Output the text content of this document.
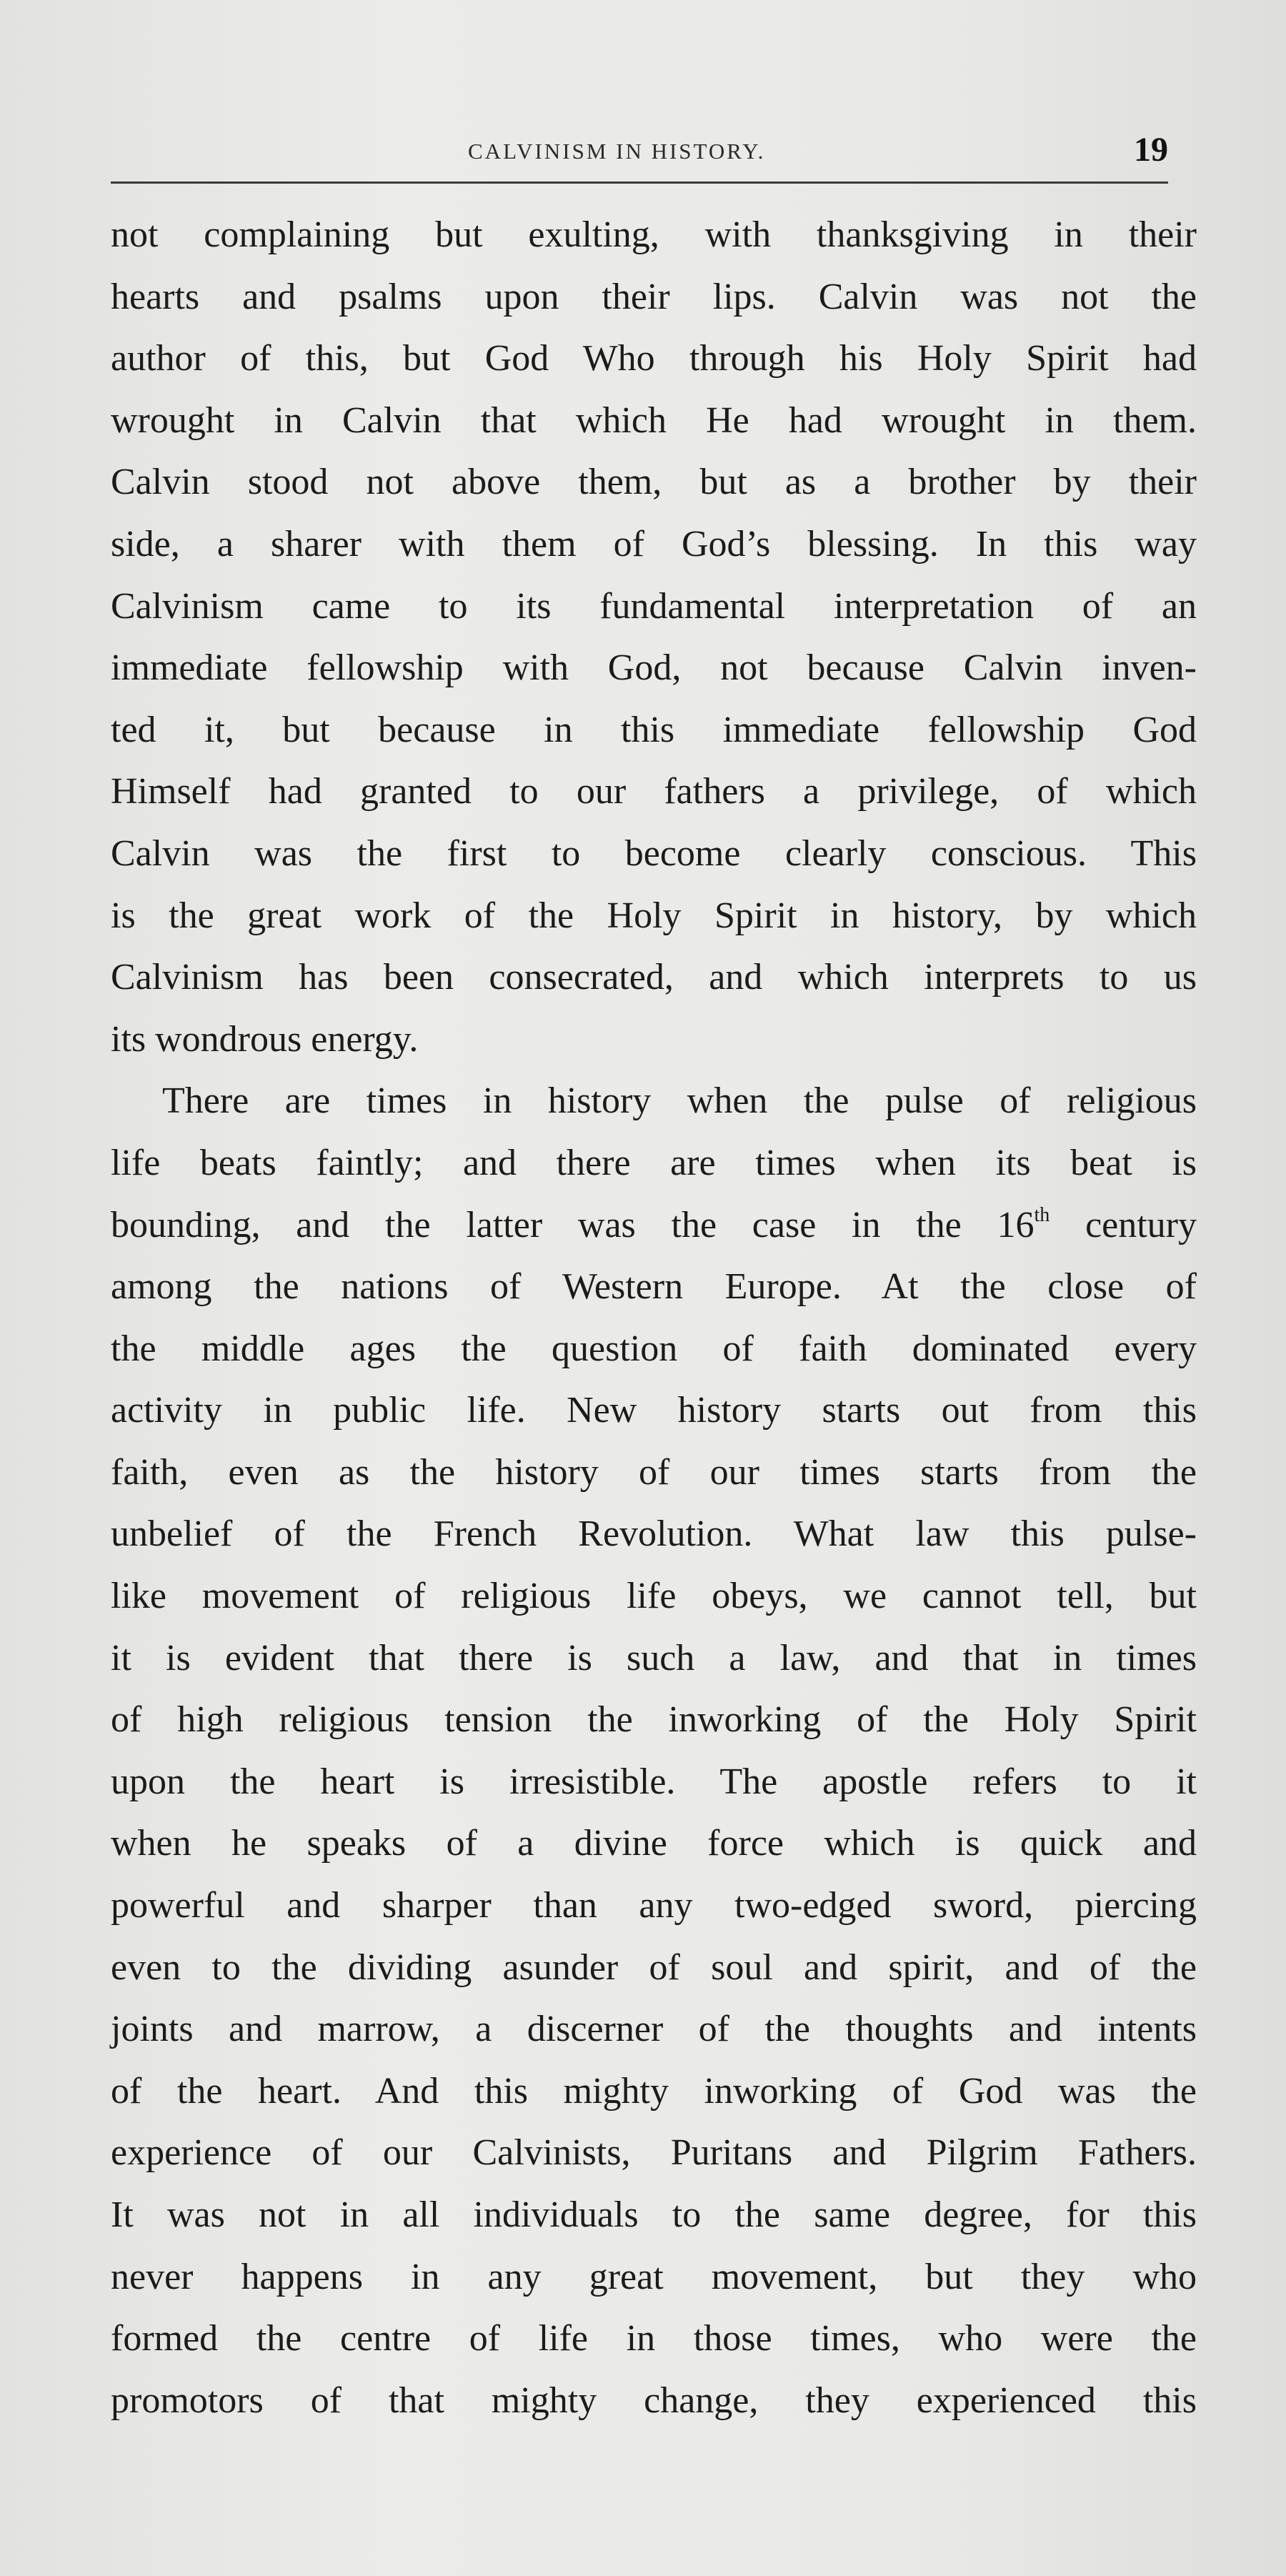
CALVINISM IN HISTORY.	19
not complaining but exulting, with thanksgiving in their
hearts and psalms upon their lips. Calvin was not the
author of this, but God Who through his Holy Spirit had
wrought in Calvin that which He had wrought in them.
Calvin stood not above them, but as a brother by their
side, a sharer with them of God’s blessing. In this way
Calvinism came to its fundamental interpretation of an
immediate fellowship with God, not because Calvin inven-
ted it, but because in this immediate fellowship God
Himself had granted to our fathers a privilege, of which
Calvin was the first to become clearly conscious. This
is the great work of the Holy Spirit in history, by which
Calvinism has been consecrated, and which interprets to us
its wondrous energy.
There are times in history when the pulse of religious
life beats faintly; and there are times when its beat is
bounding, and the latter was the case in the 16th century
among the nations of Western Europe. At the close of
the middle ages the question of faith dominated every
activity in public life. New history starts out from this
faith, even as the history of our times starts from the
unbelief of the French Revolution. What law this pulse-
like movement of religious life obeys, we cannot tell, but
it is evident that there is such a law, and that in times
of high religious tension the inworking of the Holy Spirit
upon the heart is irresistible. The apostle refers to it
when he speaks of a divine force which is quick and
powerful and sharper than any two-edged sword, piercing
even to the dividing asunder of soul and spirit, and of the
joints and marrow, a discerner of the thoughts and intents
of the heart. And this mighty inworking of God was the
experience of our Calvinists, Puritans and Pilgrim Fathers.
It was not in all individuals to the same degree, for this
never happens in any great movement, but they who
formed the centre of life in those times, who were the
promotors of that mighty change, they experienced this
